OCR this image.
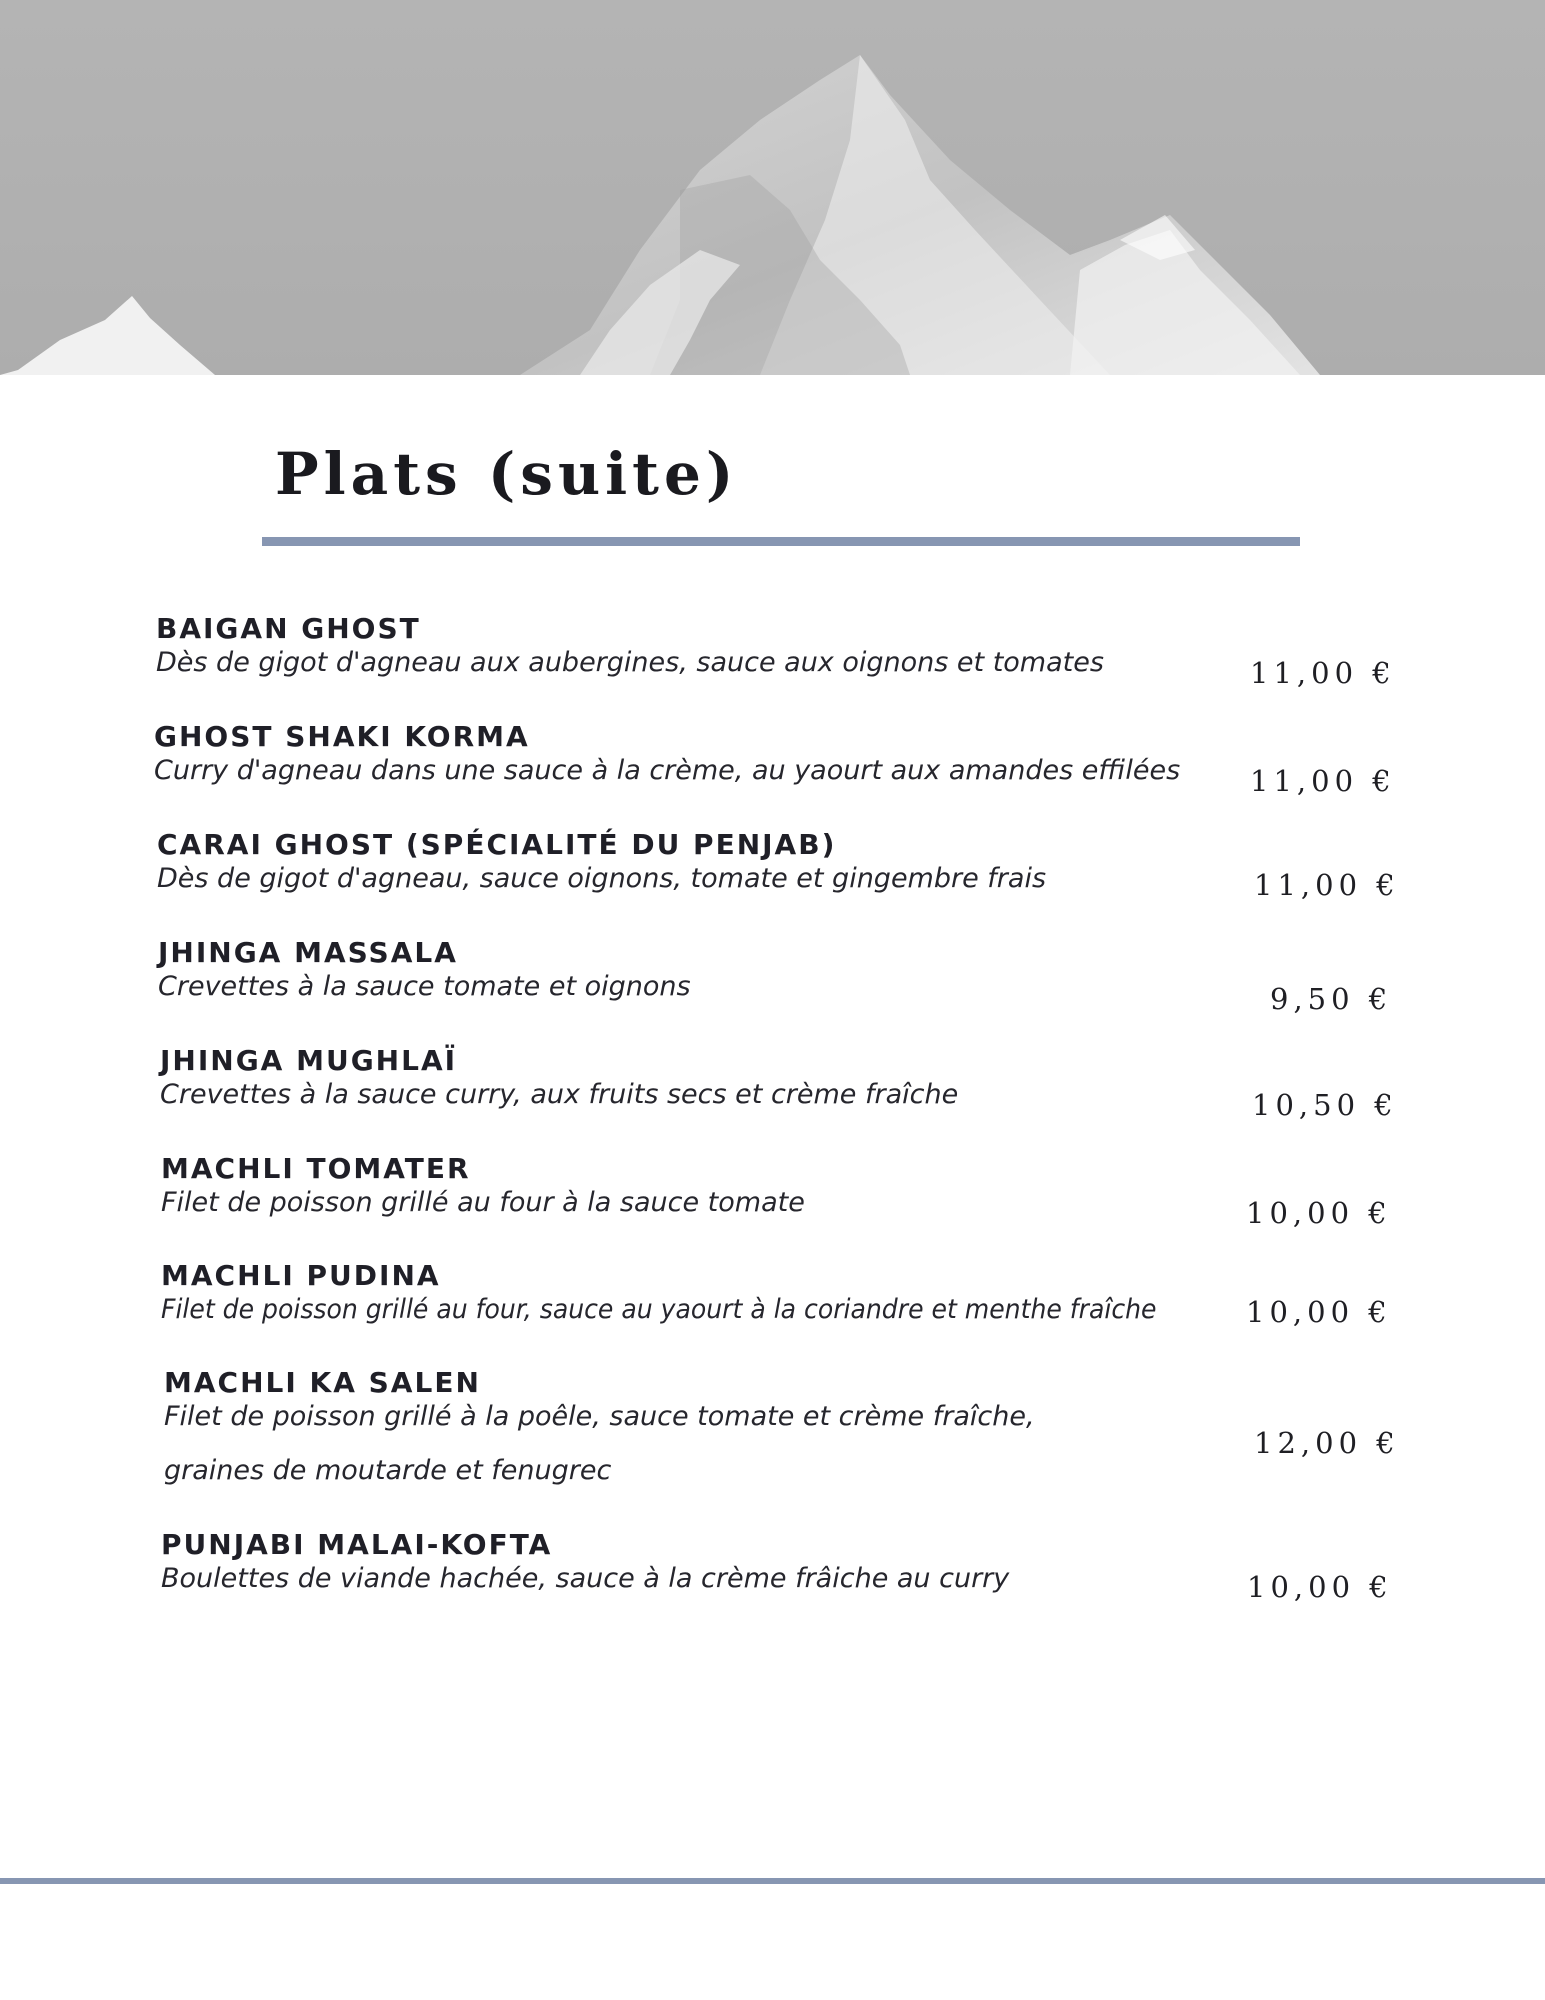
Plats (suite)
BAIGAN GHOST
Dès de gigot d'agneau aux aubergines, sauce aux oignons et tomates	11,00 €
GHOST SHAKI KORMA
Curry d'agneau dans une sauce à la crème, au yaourt aux amandes effilées 11,00 €
CARAI GHOST (SPÉCIALITÉ DU PENJAB)
Dès de gigot d'agneau, sauce oignons, tomate et gingembre frais	11,00 €
JHINGA MASSALA
Crevettes à la sauce tomate et oignons	9,50 €
JHINGA MUGHLAÏ
Crevettes à la sauce curry, aux fruits secs et crème fraîche	10,50 €
MACHLI TOMATER
Filet de poisson grillé au four à la sauce tomate	10,00 €
MACHLI PUDINA
Filet de poisson grillé au four, sauce au yaourt à la coriandre et menthe fraîche	10,00 €
MACHLI KA SALEN
Filet de poisson grillé à la poêle, sauce tomate et crème fraîche,
graines de moutarde et fenugrec
12,00 €
PUNJABI MALAI-KOFTA
Boulettes de viande hachée, sauce à la crème frâiche au curry	10,00 €
